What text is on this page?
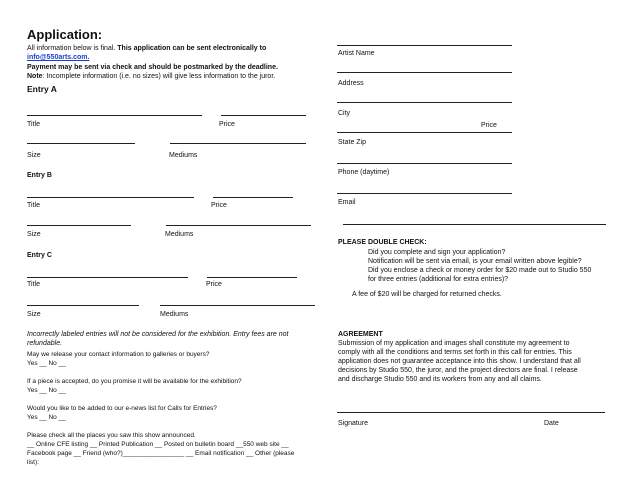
Application:
All information below is final. This application can be sent electronically to
info@550arts.com.
Payment may be sent via check and should be postmarked by the deadline.
Note: Incomplete information (i.e. no sizes) will give less information to the juror.
Entry A
Title	Price
Size	Mediums
Entry B
Title	Price
Size	Mediums
Entry C
Title	Price
Size	Mediums
Incorrectly labeled entries will not be considered for the exhibition. Entry fees are not refundable.
May we release your contact information to galleries or buyers?
Yes __ No __
If a piece is accepted, do you promise it will be available for the exhibition?
Yes __ No __
Would you like to be added to our e-news list for Calls for Entries?
Yes __ No __
Please check all the places you saw this show announced.
__ Online CFE listing __ Printed Publication __ Posted on bulletin board __550 web site __
Facebook page __ Friend (who?)_________________ __ Email notification __ Other (please
list):
Artist Name
Address
City
Price
State Zip
Phone (daytime)
Email
PLEASE DOUBLE CHECK:
Did you complete and sign your application?
Notification will be sent via email, is your email written above legible?
Did you enclose a check or money order for $20 made out to Studio 550 for three entries (additional for extra entries)?
A fee of $20 will be charged for returned checks.
AGREEMENT
Submission of my application and images shall constitute my agreement to
comply with all the conditions and terms set forth in this call for entries. This
application does not guarantee acceptance into this show. I understand that all
decisions by Studio 550, the juror, and the project directors are final. I release
and discharge Studio 550 and its workers from any and all claims.
Signature	Date
